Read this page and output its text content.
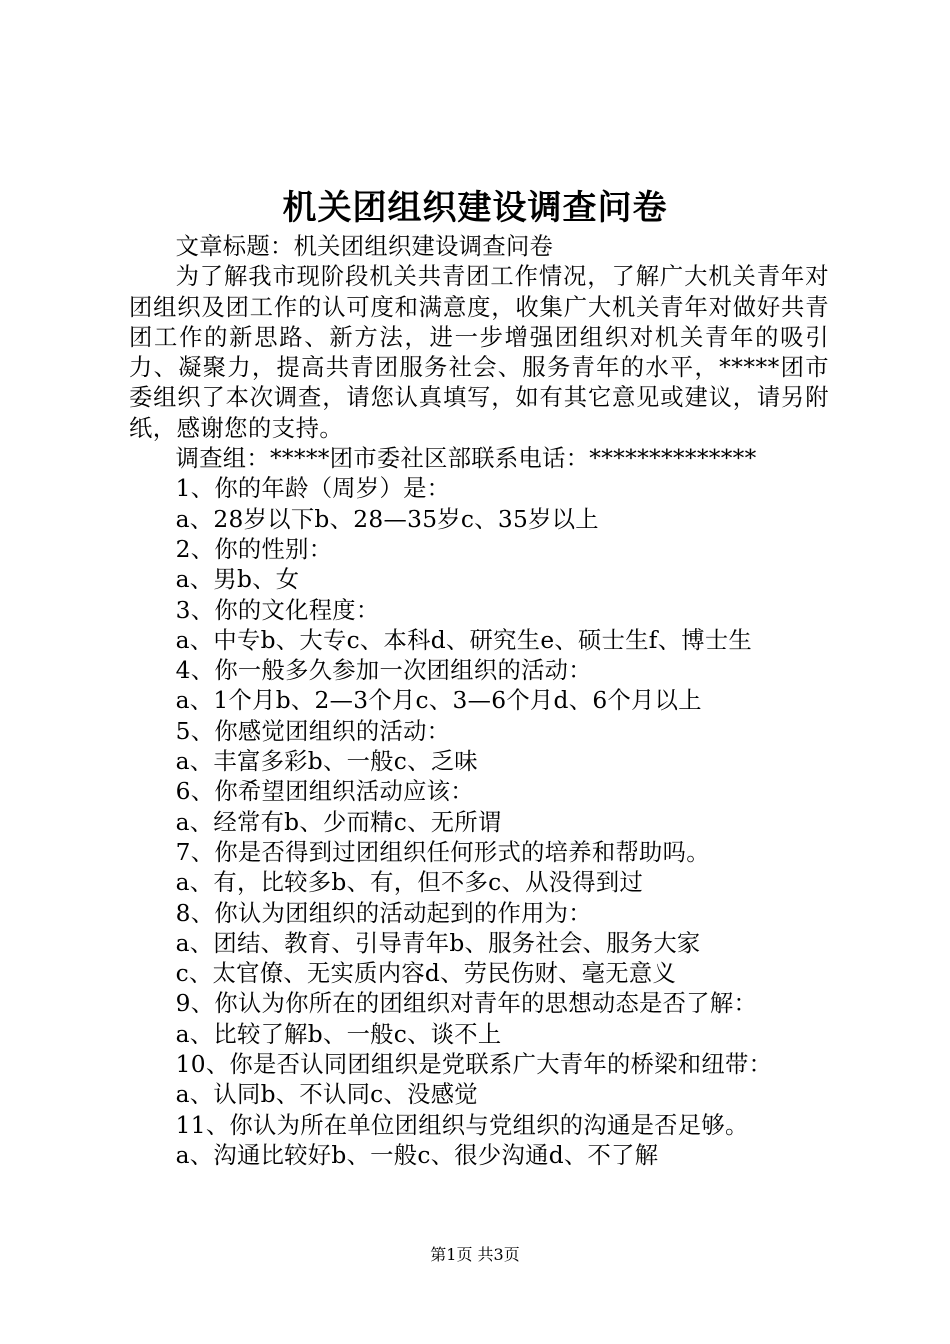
机关团组织建设调查问卷

文章标题：机关团组织建设调查问卷

为了解我市现阶段机关共青团工作情况，了解广大机关青年对团组织及团工作的认可度和满意度，收集广大机关青年对做好共青团工作的新思路、新方法，进一步增强团组织对机关青年的吸引力、凝聚力，提高共青团服务社会、服务青年的水平，*****团市委组织了本次调查，请您认真填写，如有其它意见或建议，请另附纸，感谢您的支持。

调查组：*****团市委社区部联系电话：**************

1、你的年龄（周岁）是：

a、28岁以下b、28—35岁c、35岁以上

2、你的性别：

a、男b、女

3、你的文化程度：

a、中专b、大专c、本科d、研究生e、硕士生f、博士生

4、你一般多久参加一次团组织的活动：

a、1个月b、2—3个月c、3—6个月d、6个月以上

5、你感觉团组织的活动：

a、丰富多彩b、一般c、乏味

6、你希望团组织活动应该：

a、经常有b、少而精c、无所谓

7、你是否得到过团组织任何形式的培养和帮助吗。

a、有，比较多b、有，但不多c、从没得到过

8、你认为团组织的活动起到的作用为：

a、团结、教育、引导青年b、服务社会、服务大家

c、太官僚、无实质内容d、劳民伤财、毫无意义

9、你认为你所在的团组织对青年的思想动态是否了解：

a、比较了解b、一般c、谈不上

10、你是否认同团组织是党联系广大青年的桥梁和纽带：

a、认同b、不认同c、没感觉

11、你认为所在单位团组织与党组织的沟通是否足够。

a、沟通比较好b、一般c、很少沟通d、不了解

第1页 共3页
